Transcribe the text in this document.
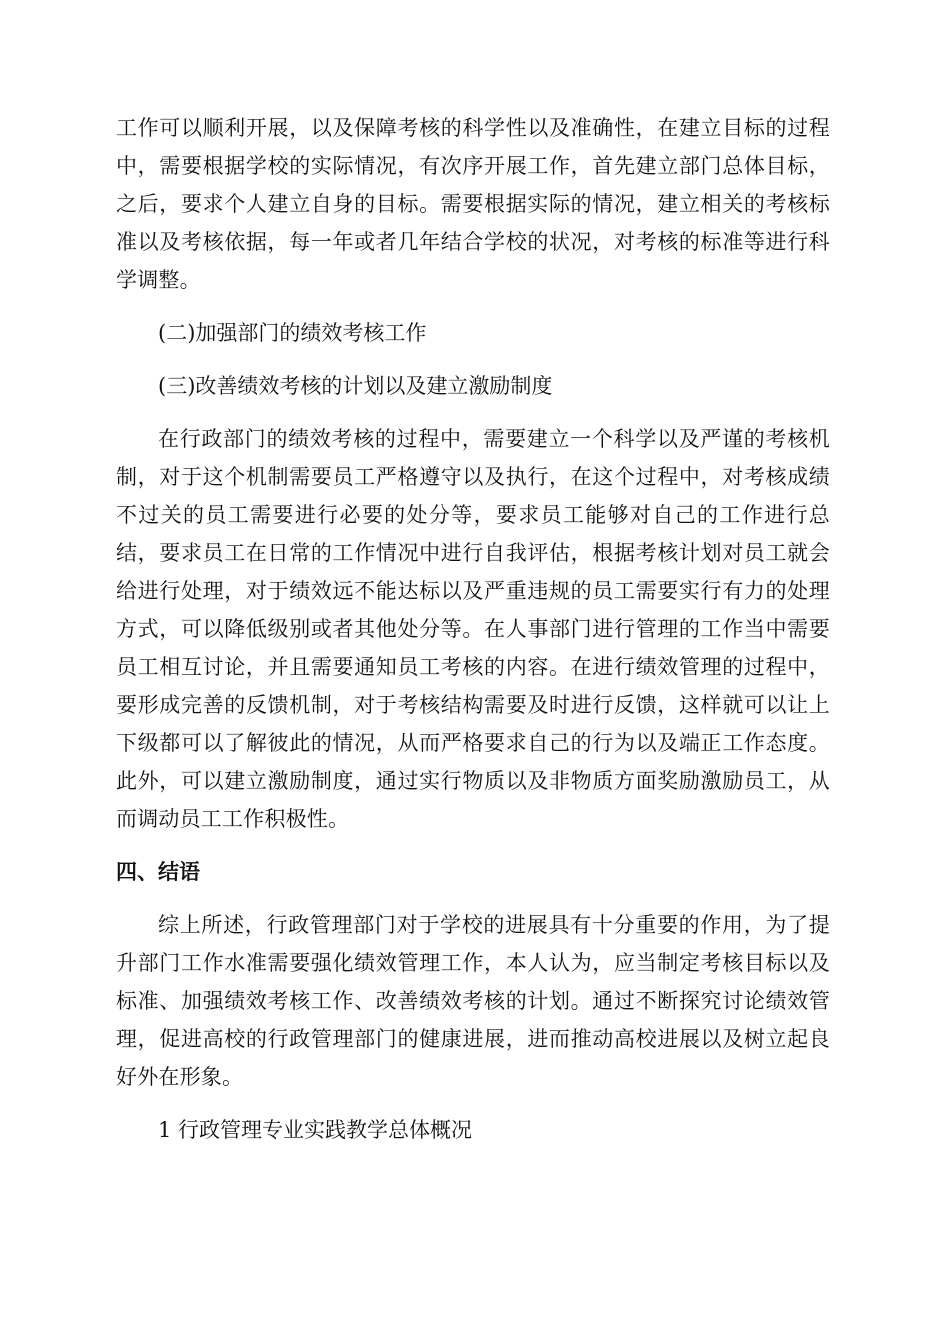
工作可以顺利开展，以及保障考核的科学性以及准确性，在建立目标的过程中，需要根据学校的实际情况，有次序开展工作，首先建立部门总体目标，之后，要求个人建立自身的目标。需要根据实际的情况，建立相关的考核标准以及考核依据，每一年或者几年结合学校的状况，对考核的标准等进行科学调整。

(二)加强部门的绩效考核工作

(三)改善绩效考核的计划以及建立激励制度

在行政部门的绩效考核的过程中，需要建立一个科学以及严谨的考核机制，对于这个机制需要员工严格遵守以及执行，在这个过程中，对考核成绩不过关的员工需要进行必要的处分等，要求员工能够对自己的工作进行总结，要求员工在日常的工作情况中进行自我评估，根据考核计划对员工就会给进行处理，对于绩效远不能达标以及严重违规的员工需要实行有力的处理方式，可以降低级别或者其他处分等。在人事部门进行管理的工作当中需要员工相互讨论，并且需要通知员工考核的内容。在进行绩效管理的过程中，要形成完善的反馈机制，对于考核结构需要及时进行反馈，这样就可以让上下级都可以了解彼此的情况，从而严格要求自己的行为以及端正工作态度。此外，可以建立激励制度，通过实行物质以及非物质方面奖励激励员工，从而调动员工工作积极性。

四、结语

综上所述，行政管理部门对于学校的进展具有十分重要的作用，为了提升部门工作水准需要强化绩效管理工作，本人认为，应当制定考核目标以及标准、加强绩效考核工作、改善绩效考核的计划。通过不断探究讨论绩效管理，促进高校的行政管理部门的健康进展，进而推动高校进展以及树立起良好外在形象。

1 行政管理专业实践教学总体概况
